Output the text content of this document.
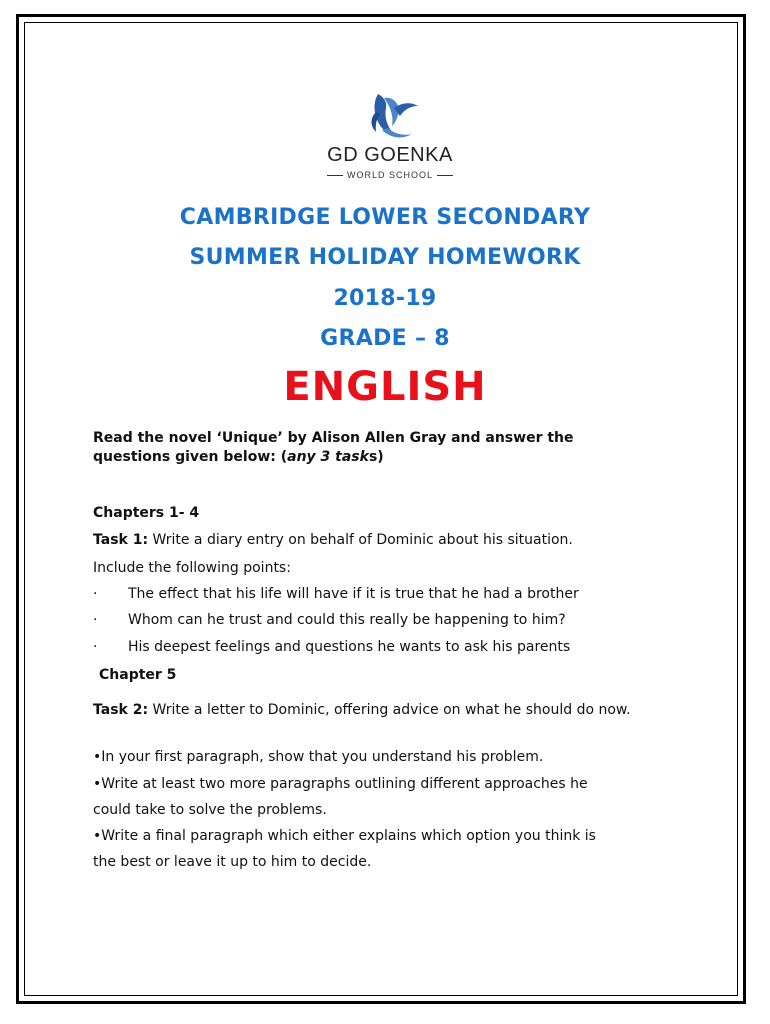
GD GOENKA
WORLD SCHOOL
CAMBRIDGE LOWER SECONDARY
SUMMER HOLIDAY HOMEWORK
2018-19
GRADE – 8
ENGLISH
Read the novel ‘Unique’ by Alison Allen Gray and answer the questions given below: (any 3 tasks)
Chapters 1- 4
Task 1: Write a diary entry on behalf of Dominic about his situation.
Include the following points:
· The effect that his life will have if it is true that he had a brother
· Whom can he trust and could this really be happening to him?
· His deepest feelings and questions he wants to ask his parents
Chapter 5
Task 2: Write a letter to Dominic, offering advice on what he should do now.
•In your first paragraph, show that you understand his problem.
•Write at least two more paragraphs outlining different approaches he
could take to solve the problems.
•Write a final paragraph which either explains which option you think is
the best or leave it up to him to decide.
